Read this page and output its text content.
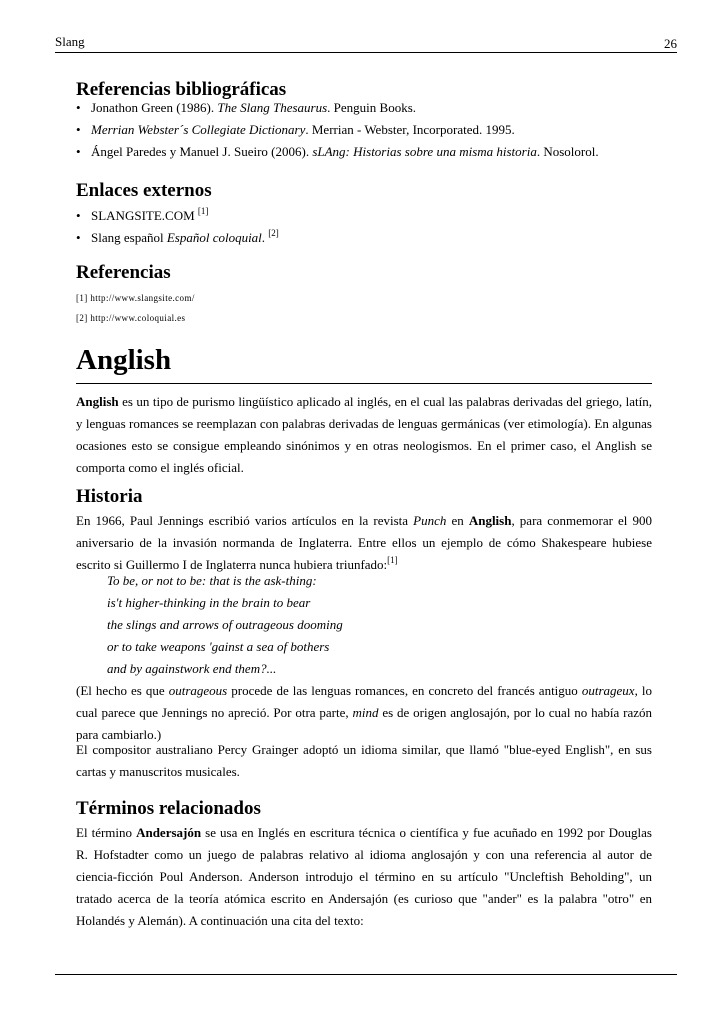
Slang	26
Referencias bibliográficas
• Jonathon Green (1986). The Slang Thesaurus. Penguin Books.
• Merrian Webster´s Collegiate Dictionary. Merrian - Webster, Incorporated. 1995.
• Ángel Paredes y Manuel J. Sueiro (2006). sLAng: Historias sobre una misma historia. Nosolorol.
Enlaces externos
• SLANGSITE.COM [1]
• Slang español Español coloquial. [2]
Referencias
[1] http://www.slangsite.com/
[2] http://www.coloquial.es
Anglish

Anglish es un tipo de purismo lingüístico aplicado al inglés, en el cual las palabras derivadas del griego, latín, y lenguas romances se reemplazan con palabras derivadas de lenguas germánicas (ver etimología). En algunas ocasiones esto se consigue empleando sinónimos y en otras neologismos. En el primer caso, el Anglish se comporta como el inglés oficial.

Historia

En 1966, Paul Jennings escribió varios artículos en la revista Punch en Anglish, para conmemorar el 900 aniversario de la invasión normanda de Inglaterra. Entre ellos un ejemplo de cómo Shakespeare hubiese escrito si Guillermo I de Inglaterra nunca hubiera triunfado:[1]

To be, or not to be: that is the ask-thing:
is't higher-thinking in the brain to bear
the slings and arrows of outrageous dooming
or to take weapons 'gainst a sea of bothers
and by againstwork end them?...

(El hecho es que outrageous procede de las lenguas romances, en concreto del francés antiguo outrageux, lo cual parece que Jennings no apreció. Por otra parte, mind es de origen anglosajón, por lo cual no había razón para cambiarlo.)

El compositor australiano Percy Grainger adoptó un idioma similar, que llamó "blue-eyed English", en sus cartas y manuscritos musicales.

Términos relacionados

El término Andersajón se usa en Inglés en escritura técnica o científica y fue acuñado en 1992 por Douglas R. Hofstadter como un juego de palabras relativo al idioma anglosajón y con una referencia al autor de ciencia-ficción Poul Anderson. Anderson introdujo el término en su artículo "Uncleftish Beholding", un tratado acerca de la teoría atómica escrito en Andersajón (es curioso que "ander" es la palabra "otro" en Holandés y Alemán). A continuación una cita del texto:
